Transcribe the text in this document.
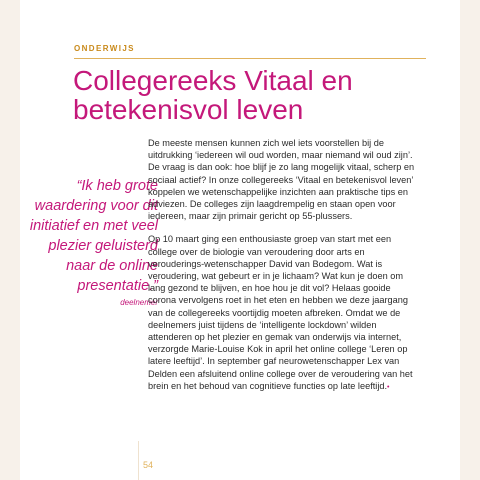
ONDERWIJS
Collegereeks Vitaal en betekenisvol leven
“Ik heb grote waardering voor dit initiatief en met veel plezier geluisterd naar de online presentatie.”
deelnemer

De meeste mensen kunnen zich wel iets voorstellen bij de uitdrukking ‘iedereen wil oud worden, maar niemand wil oud zijn’. De vraag is dan ook: hoe blijf je zo lang mogelijk vitaal, scherp en sociaal actief? In onze collegereeks ‘Vitaal en betekenisvol leven’ koppelen we wetenschappelijke inzichten aan praktische tips en adviezen. De colleges zijn laagdrempelig en staan open voor iedereen, maar zijn primair gericht op 55-plussers.

Op 10 maart ging een enthousiaste groep van start met een college over de biologie van veroudering door arts en verouderings-wetenschapper David van Bodegom. Wat is veroudering, wat gebeurt er in je lichaam? Wat kun je doen om lang gezond te blijven, en hoe hou je dit vol? Helaas gooide corona vervolgens roet in het eten en hebben we deze jaargang van de collegereeks voortijdig moeten afbreken. Omdat we de deelnemers juist tijdens de ‘intelligente lockdown’ wilden attenderen op het plezier en gemak van onderwijs via internet, verzorgde Marie-Louise Kok in april het online college ‘Leren op latere leeftijd’. In september gaf neurowetenschapper Lex van Delden een afsluitend online college over de veroudering van het brein en het behoud van cognitieve functies op late leeftijd.•

54
